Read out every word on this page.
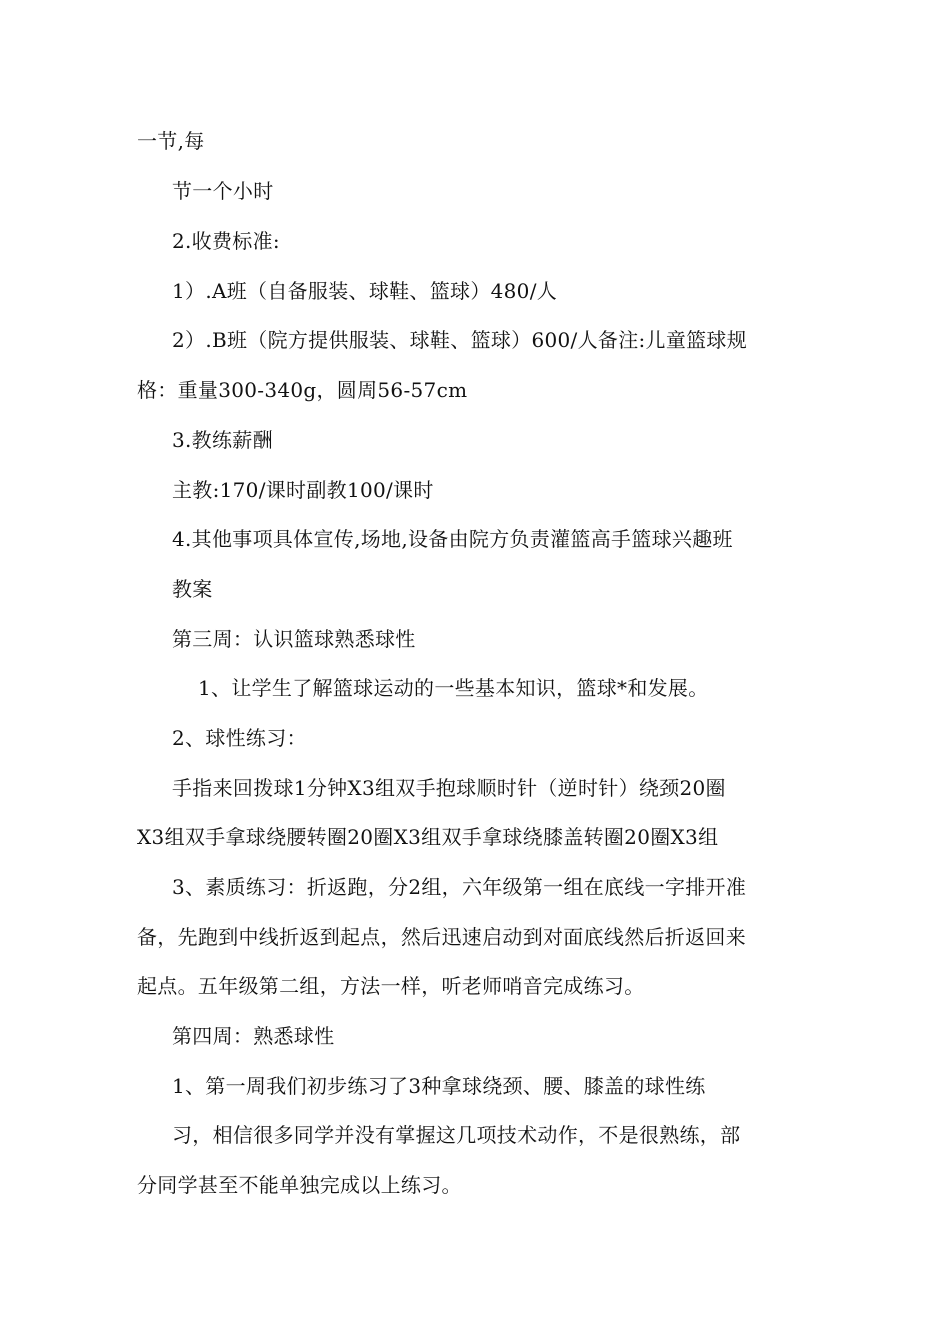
一节,每
节一个小时
2.收费标准:
1）.A班（自备服装、球鞋、篮球）480/人
2）.B班（院方提供服装、球鞋、篮球）600/人备注:儿童篮球规
格：重量300-340g，圆周56-57cm
3.教练薪酬
主教:170/课时副教100/课时
4.其他事项具体宣传,场地,设备由院方负责灌篮高手篮球兴趣班
教案
第三周：认识篮球熟悉球性
1、让学生了解篮球运动的一些基本知识，篮球*和发展。
2、球性练习：
手指来回拨球1分钟X3组双手抱球顺时针（逆时针）绕颈20圈
X3组双手拿球绕腰转圈20圈X3组双手拿球绕膝盖转圈20圈X3组
3、素质练习：折返跑，分2组，六年级第一组在底线一字排开准
备，先跑到中线折返到起点，然后迅速启动到对面底线然后折返回来
起点。五年级第二组，方法一样，听老师哨音完成练习。
第四周：熟悉球性
1、第一周我们初步练习了3种拿球绕颈、腰、膝盖的球性练
习，相信很多同学并没有掌握这几项技术动作，不是很熟练，部
分同学甚至不能单独完成以上练习。
